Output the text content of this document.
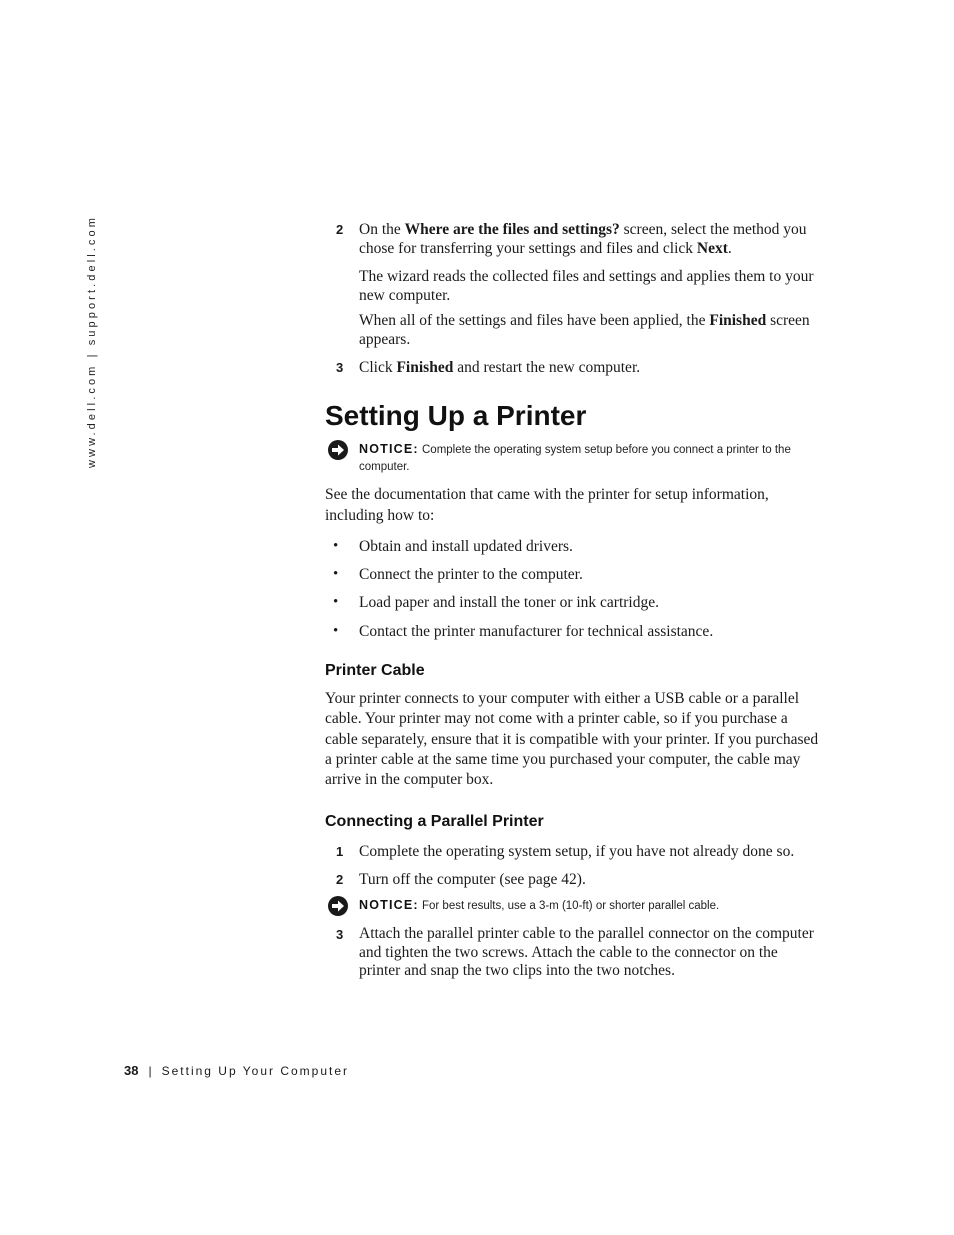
www.dell.com | support.dell.com	2 On the Where are the files and settings? screen, select the method you chose for transferring your settings and files and click Next.
The wizard reads the collected files and settings and applies them to your new computer.
When all of the settings and files have been applied, the Finished screen appears.
3 Click Finished and restart the new computer.
Setting Up a Printer
NOTICE: Complete the operating system setup before you connect a printer to the computer.
See the documentation that came with the printer for setup information, including how to:
• Obtain and install updated drivers.
• Connect the printer to the computer.
• Load paper and install the toner or ink cartridge.
• Contact the printer manufacturer for technical assistance.
Printer Cable
Your printer connects to your computer with either a USB cable or a parallel cable. Your printer may not come with a printer cable, so if you purchase a cable separately, ensure that it is compatible with your printer. If you purchased a printer cable at the same time you purchased your computer, the cable may arrive in the computer box.
Connecting a Parallel Printer
1 Complete the operating system setup, if you have not already done so.
2 Turn off the computer (see page 42).
NOTICE: For best results, use a 3-m (10-ft) or shorter parallel cable.
3 Attach the parallel printer cable to the parallel connector on the computer and tighten the two screws. Attach the cable to the connector on the printer and snap the two clips into the two notches.
38 | Setting Up Your Computer
